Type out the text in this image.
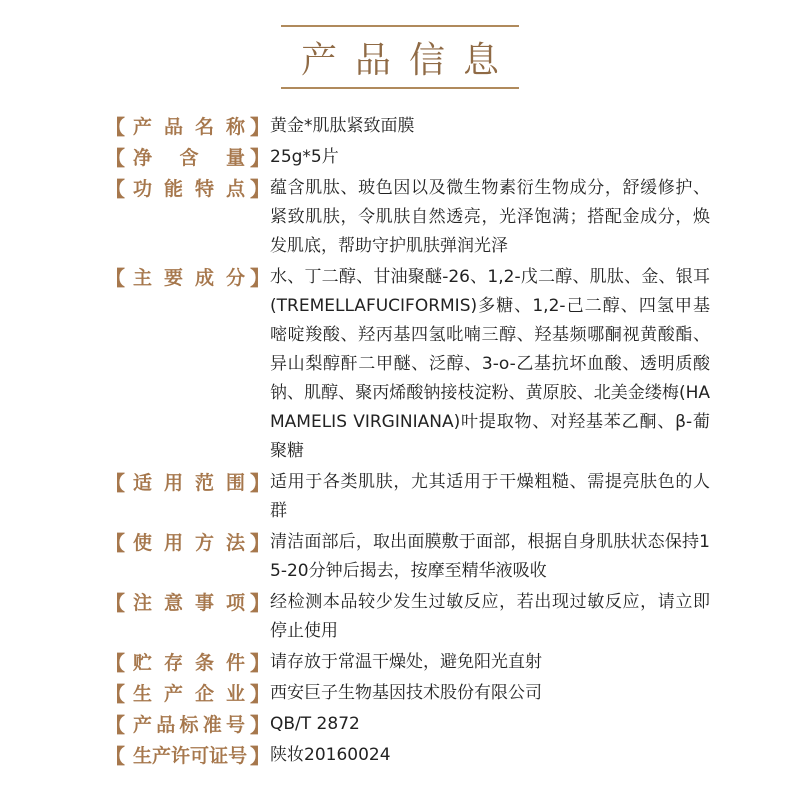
产品信息
【 产 品 名 称 】 黄金*肌肽紧致面膜
【 净 含 量 】 25g*5片
【 功 能 特 点 】 蕴含肌肽、玻色因以及微生物素衍生物成分，舒缓修护、紧致肌肤，令肌肤自然透亮，光泽饱满；搭配金成分，焕发肌底，帮助守护肌肤弹润光泽
【 主 要 成 分 】 水、丁二醇、甘油聚醚-26、1,2-戊二醇、肌肽、金、银耳(TREMELLAFUCIFORMIS)多糖、1,2-己二醇、四氢甲基嘧啶羧酸、羟丙基四氢吡喃三醇、羟基频哪酮视黄酸酯、异山梨醇酐二甲醚、泛醇、3-o-乙基抗坏血酸、透明质酸钠、肌醇、聚丙烯酸钠接枝淀粉、黄原胶、北美金缕梅(HAMAMELIS VIRGINIANA)叶提取物、对羟基苯乙酮、β-葡聚糖
【 适 用 范 围 】 适用于各类肌肤，尤其适用于干燥粗糙、需提亮肤色的人群
【 使 用 方 法 】 清洁面部后，取出面膜敷于面部，根据自身肌肤状态保持15-20分钟后揭去，按摩至精华液吸收
【 注 意 事 项 】 经检测本品较少发生过敏反应，若出现过敏反应，请立即停止使用
【 贮 存 条 件 】 请存放于常温干燥处，避免阳光直射
【 生 产 企 业 】 西安巨子生物基因技术股份有限公司
【 产 品 标 准 号 】 QB/T 2872
【 生 产 许 可 证 号 】 陕妆20160024
